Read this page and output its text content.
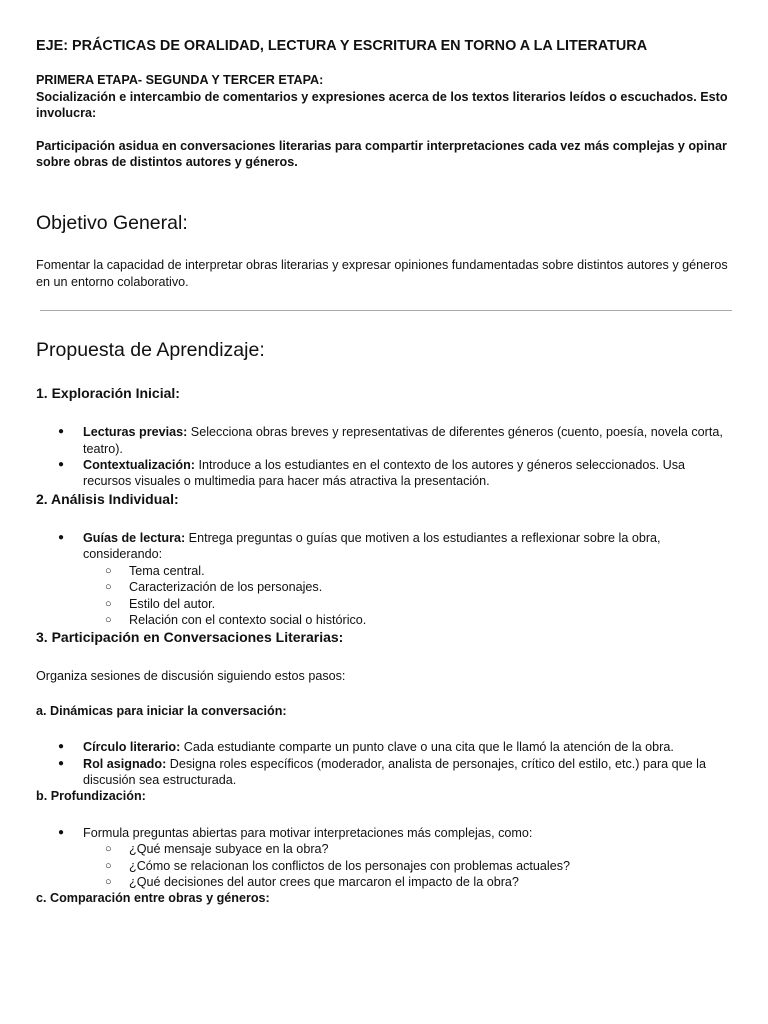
EJE: PRÁCTICAS DE ORALIDAD, LECTURA Y ESCRITURA EN TORNO A LA LITERATURA

PRIMERA ETAPA- SEGUNDA Y TERCER ETAPA:

Socialización e intercambio de comentarios y expresiones acerca de los textos literarios leídos o escuchados. Esto involucra:

Participación asidua en conversaciones literarias para compartir interpretaciones cada vez más complejas y opinar sobre obras de distintos autores y géneros.

Objetivo General:

Fomentar la capacidad de interpretar obras literarias y expresar opiniones fundamentadas sobre distintos autores y géneros en un entorno colaborativo.

Propuesta de Aprendizaje:
1. Exploración Inicial:
● Lecturas previas: Selecciona obras breves y representativas de diferentes géneros (cuento, poesía, novela corta, teatro).
● Contextualización: Introduce a los estudiantes en el contexto de los autores y géneros seleccionados. Usa recursos visuales o multimedia para hacer más atractiva la presentación.
2. Análisis Individual:
● Guías de lectura: Entrega preguntas o guías que motiven a los estudiantes a reflexionar sobre la obra, considerando:
○ Tema central.
○ Caracterización de los personajes.
○ Estilo del autor.
○ Relación con el contexto social o histórico.
3. Participación en Conversaciones Literarias:

Organiza sesiones de discusión siguiendo estos pasos:

a. Dinámicas para iniciar la conversación:
● Círculo literario: Cada estudiante comparte un punto clave o una cita que le llamó la atención de la obra.
● Rol asignado: Designa roles específicos (moderador, analista de personajes, crítico del estilo, etc.) para que la discusión sea estructurada.
b. Profundización:
● Formula preguntas abiertas para motivar interpretaciones más complejas, como:
○ ¿Qué mensaje subyace en la obra?
○ ¿Cómo se relacionan los conflictos de los personajes con problemas actuales?
○ ¿Qué decisiones del autor crees que marcaron el impacto de la obra?
c. Comparación entre obras y géneros:
